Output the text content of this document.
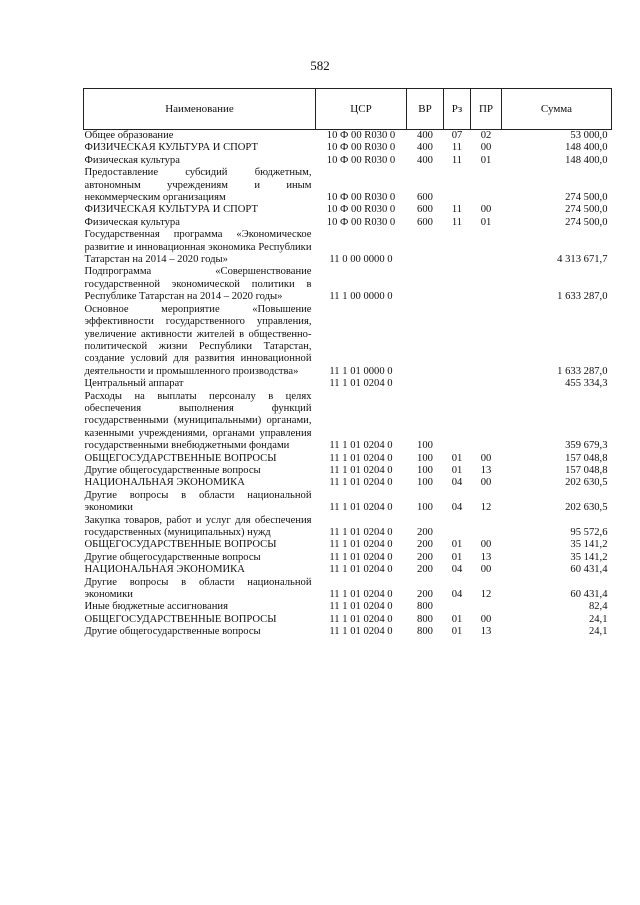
582
Наименование	ЦСР	ВР	Рз	ПР	Сумма
Общее образование	10 Ф 00 R030 0	400	07	02	53 000,0
ФИЗИЧЕСКАЯ КУЛЬТУРА И СПОРТ	10 Ф 00 R030 0	400	11	00	148 400,0
Физическая культура	10 Ф 00 R030 0	400	11	01	148 400,0
Предоставление субсидий бюджетным, автономным учреждениям и иным некоммерческим организациям	10 Ф 00 R030 0	600			274 500,0
ФИЗИЧЕСКАЯ КУЛЬТУРА И СПОРТ	10 Ф 00 R030 0	600	11	00	274 500,0
Физическая культура	10 Ф 00 R030 0	600	11	01	274 500,0
Государственная программа «Экономическое развитие и инновационная экономика Республики Татарстан на 2014 – 2020 годы»	11 0 00 0000 0				4 313 671,7
Подпрограмма «Совершенствование государственной экономической политики в Республике Татарстан на 2014 – 2020 годы»	11 1 00 0000 0				1 633 287,0
Основное мероприятие «Повышение эффективности государственного управления, увеличение активности жителей в общественно-политической жизни Республики Татарстан, создание условий для развития инновационной деятельности и промышленного производства»	11 1 01 0000 0				1 633 287,0
Центральный аппарат	11 1 01 0204 0				455 334,3
Расходы на выплаты персоналу в целях обеспечения выполнения функций государственными (муниципальными) органами, казенными учреждениями, органами управления государственными внебюджетными фондами	11 1 01 0204 0	100			359 679,3
ОБЩЕГОСУДАРСТВЕННЫЕ ВОПРОСЫ	11 1 01 0204 0	100	01	00	157 048,8
Другие общегосударственные вопросы	11 1 01 0204 0	100	01	13	157 048,8
НАЦИОНАЛЬНАЯ ЭКОНОМИКА	11 1 01 0204 0	100	04	00	202 630,5
Другие вопросы в области национальной экономики	11 1 01 0204 0	100	04	12	202 630,5
Закупка товаров, работ и услуг для обеспечения государственных (муниципальных) нужд	11 1 01 0204 0	200			95 572,6
ОБЩЕГОСУДАРСТВЕННЫЕ ВОПРОСЫ	11 1 01 0204 0	200	01	00	35 141,2
Другие общегосударственные вопросы	11 1 01 0204 0	200	01	13	35 141,2
НАЦИОНАЛЬНАЯ ЭКОНОМИКА	11 1 01 0204 0	200	04	00	60 431,4
Другие вопросы в области национальной экономики	11 1 01 0204 0	200	04	12	60 431,4
Иные бюджетные ассигнования	11 1 01 0204 0	800			82,4
ОБЩЕГОСУДАРСТВЕННЫЕ ВОПРОСЫ	11 1 01 0204 0	800	01	00	24,1
Другие общегосударственные вопросы	11 1 01 0204 0	800	01	13	24,1
